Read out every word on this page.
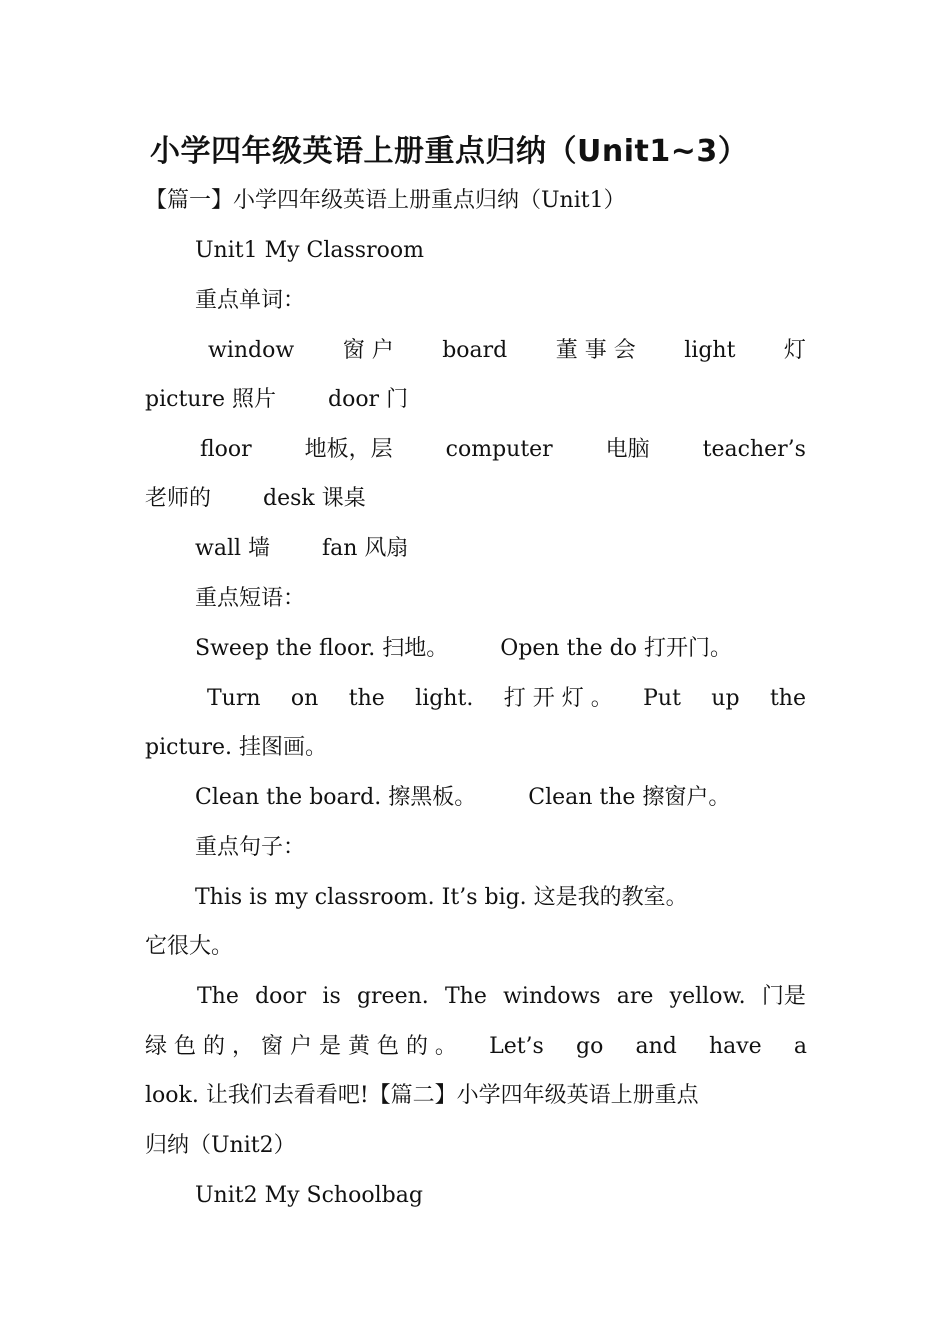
小学四年级英语上册重点归纳（Unit1~3）
【篇一】小学四年级英语上册重点归纳（Unit1）
Unit1 My Classroom
重点单词：
window 窗 户 board 董 事 会 light 灯
picture 照片 door 门
floor 地板，层 computer 电脑 teacher’s
老师的 desk 课桌
wall 墙 fan 风扇
重点短语：
Sweep the floor. 扫地。 Open the do 打开门。
Turn on the light. 打 开 灯 。 Put up the
picture. 挂图画。
Clean the board. 擦黑板。 Clean the 擦窗户。
重点句子：
This is my classroom. It’s big. 这是我的教室。
它很大。
The door is green. The windows are yellow. 门是
绿 色 的 ， 窗 户 是 黄 色 的 。 Let’s go and have a
look. 让我们去看看吧!【篇二】小学四年级英语上册重点
归纳（Unit2）
Unit2 My Schoolbag
